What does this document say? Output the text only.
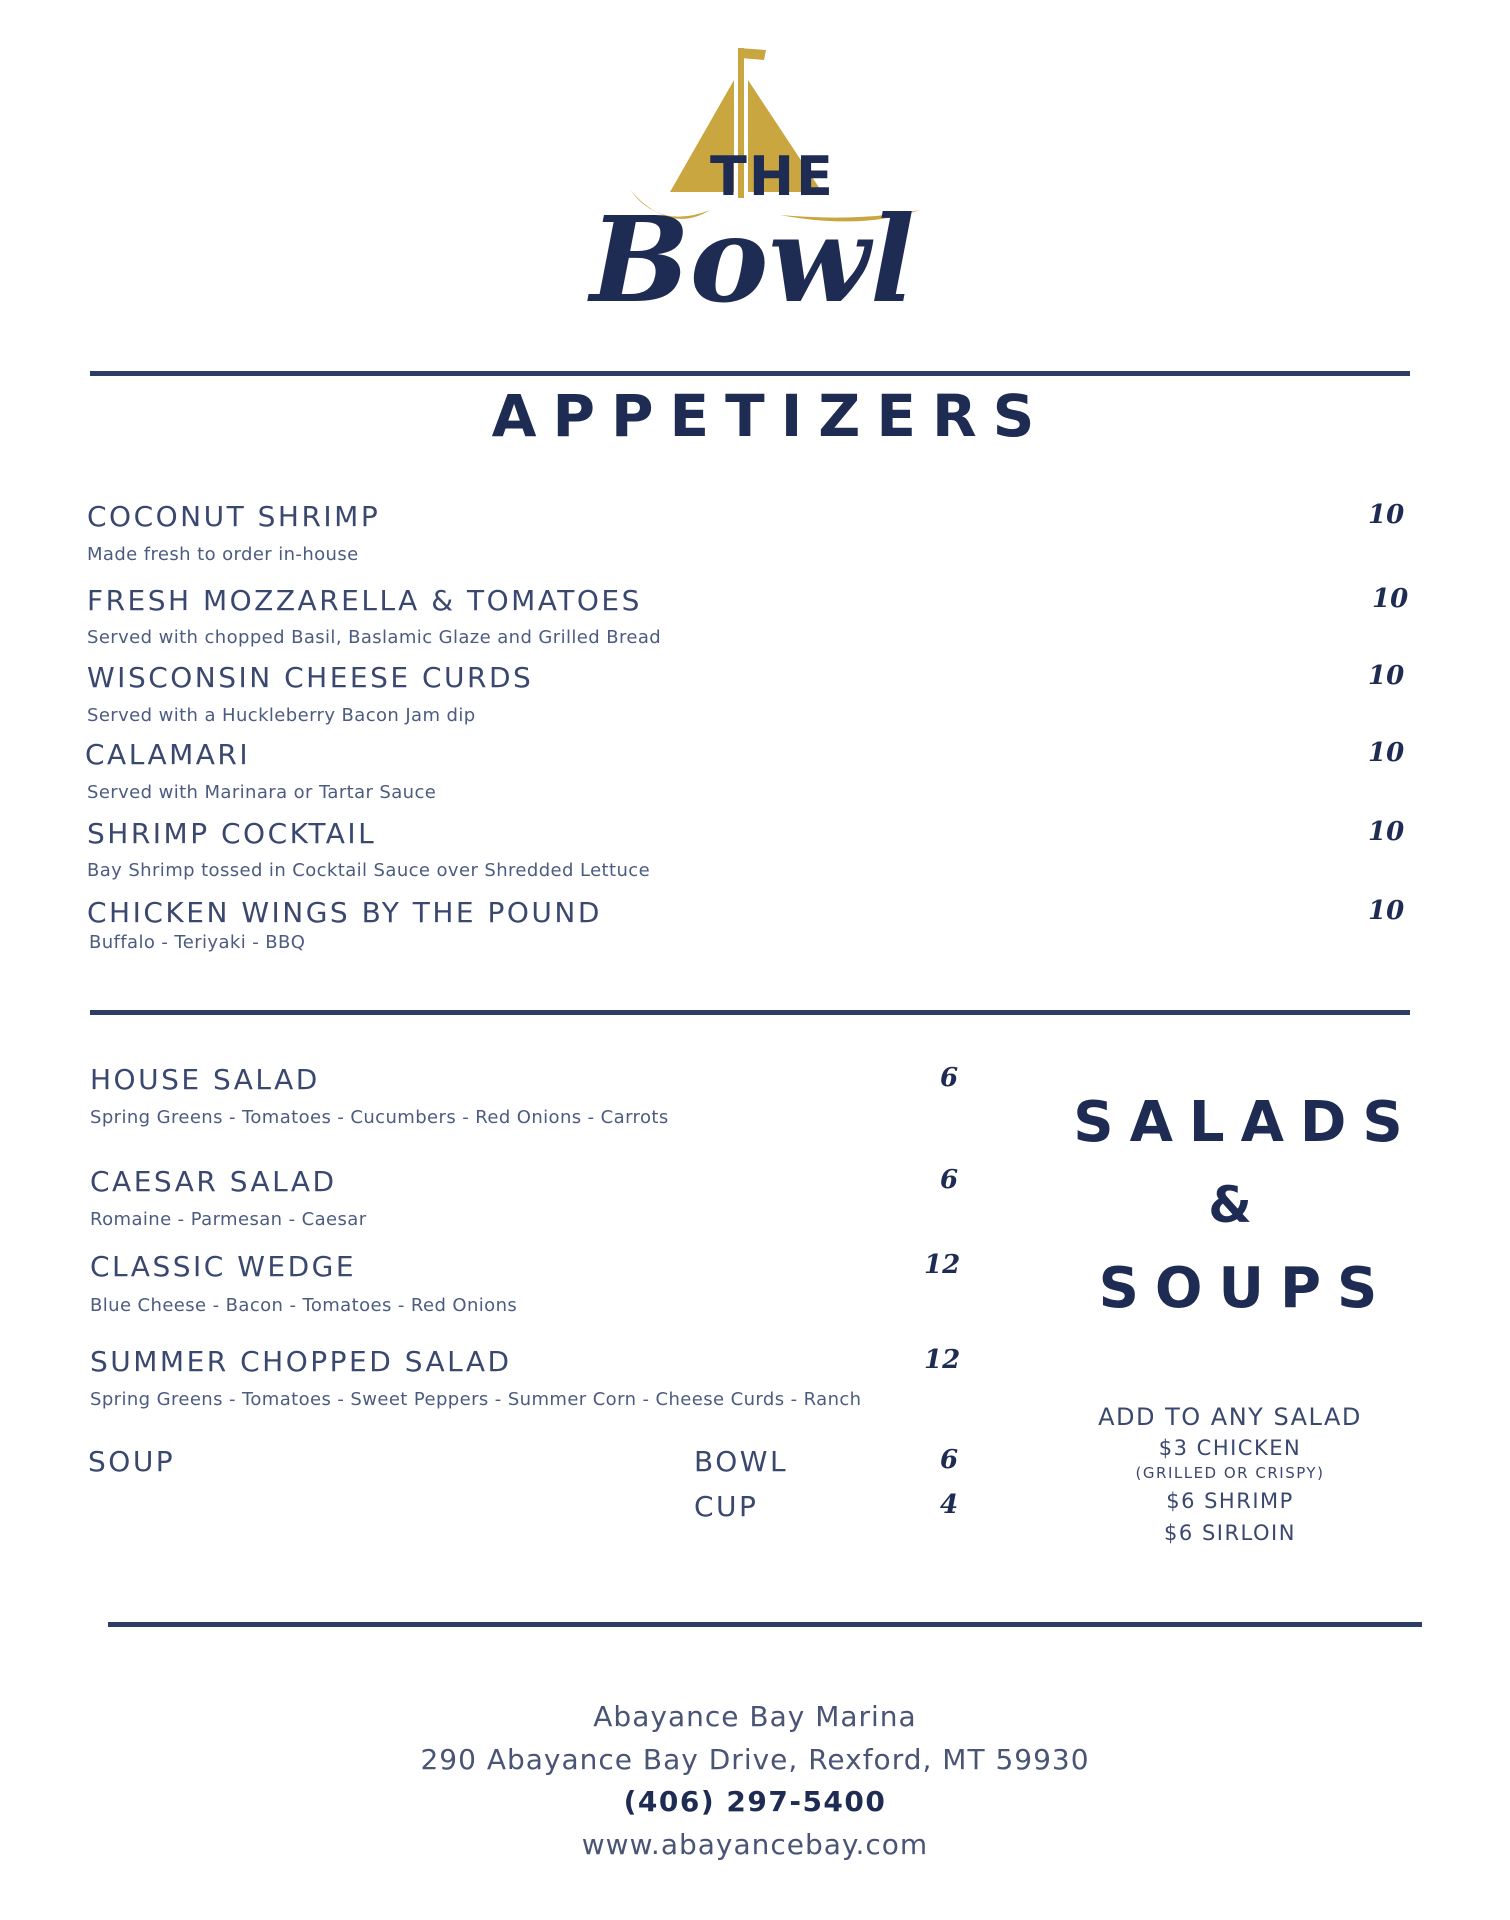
THE
Bowl
APPETIZERS
COCONUT SHRIMP
Made fresh to order in-house
10
FRESH MOZZARELLA & TOMATOES
Served with chopped Basil, Baslamic Glaze and Grilled Bread
10
WISCONSIN CHEESE CURDS
Served with a Huckleberry Bacon Jam dip
10
CALAMARI
Served with Marinara or Tartar Sauce
10
SHRIMP COCKTAIL
Bay Shrimp tossed in Cocktail Sauce over Shredded Lettuce
10
CHICKEN WINGS BY THE POUND
Buffalo - Teriyaki - BBQ
10
HOUSE SALAD
Spring Greens - Tomatoes - Cucumbers - Red Onions - Carrots
6
CAESAR SALAD
Romaine - Parmesan - Caesar
6
CLASSIC WEDGE
Blue Cheese - Bacon - Tomatoes - Red Onions
12
SUMMER CHOPPED SALAD
Spring Greens - Tomatoes - Sweet Peppers - Summer Corn - Cheese Curds - Ranch
12
SOUP	BOWL	6
CUP	4
SALADS
&
SOUPS
ADD TO ANY SALAD
$3 CHICKEN
(GRILLED OR CRISPY)
$6 SHRIMP
$6 SIRLOIN
Abayance Bay Marina
290 Abayance Bay Drive, Rexford, MT 59930
(406) 297-5400
www.abayancebay.com
